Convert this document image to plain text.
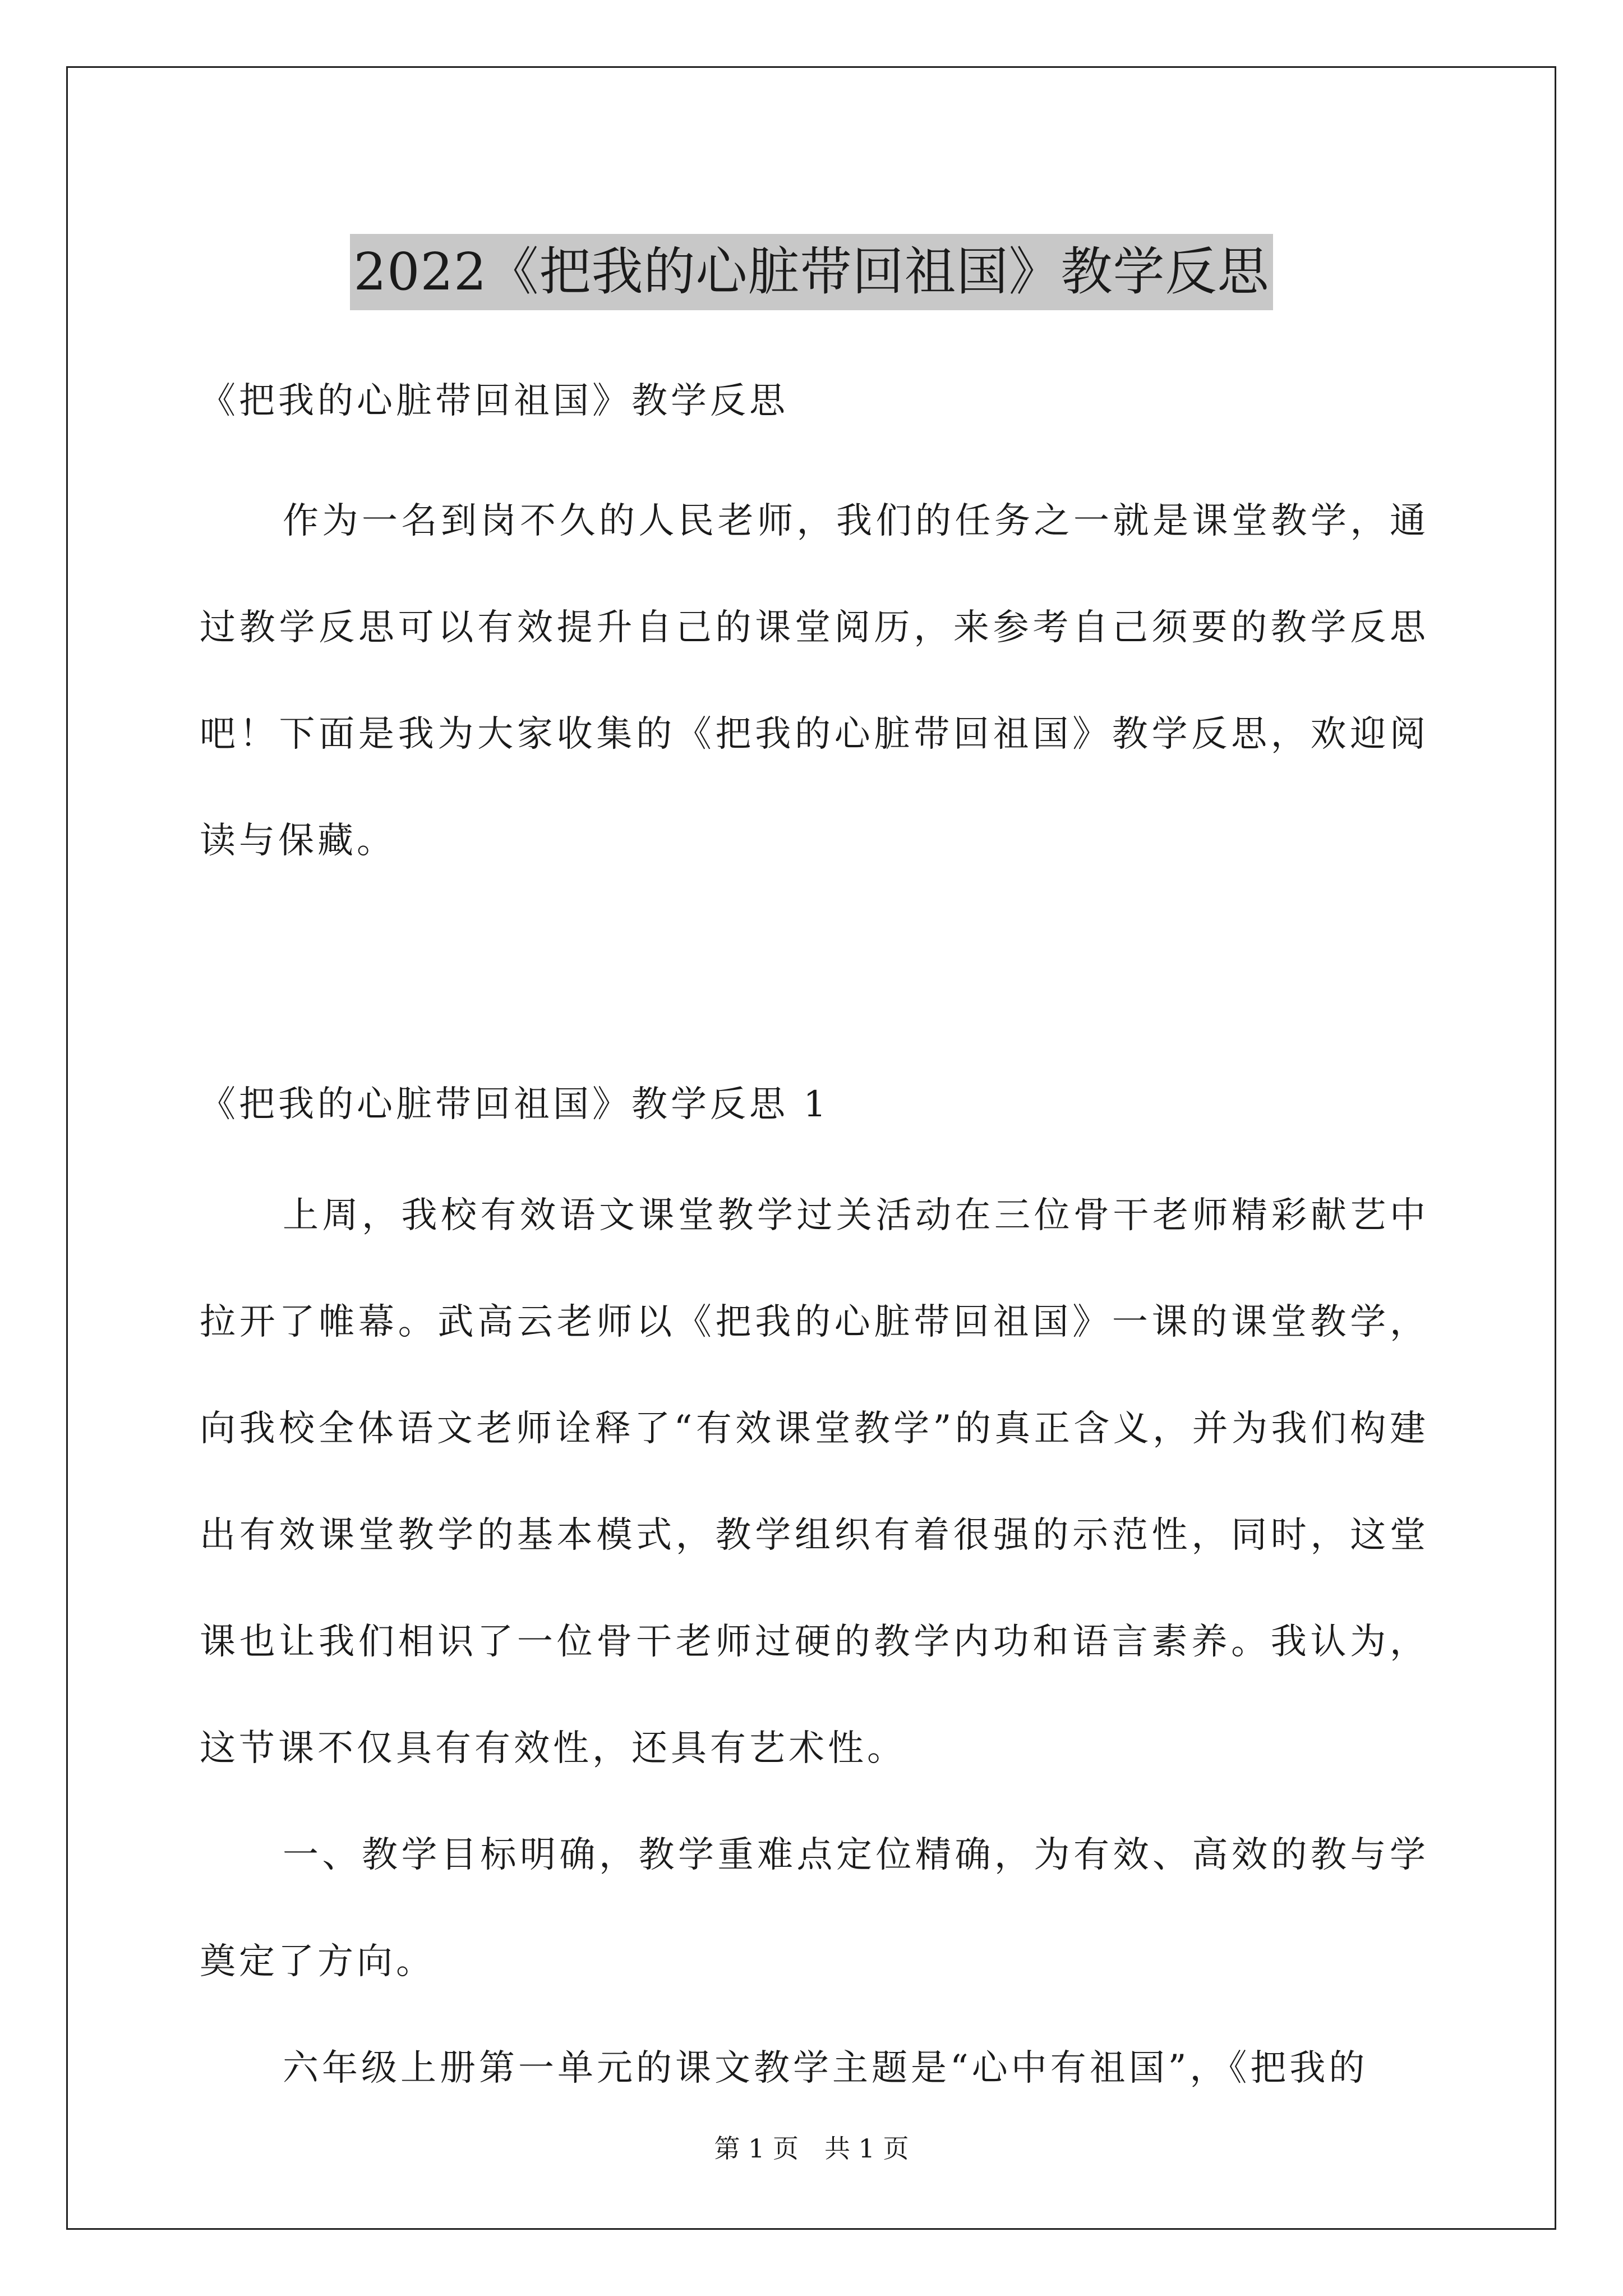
2022《把我的心脏带回祖国》教学反思

《把我的心脏带回祖国》教学反思

作为一名到岗不久的人民老师，我们的任务之一就是课堂教学，通过教学反思可以有效提升自己的课堂阅历，来参考自己须要的教学反思吧！下面是我为大家收集的《把我的心脏带回祖国》教学反思，欢迎阅读与保藏。

《把我的心脏带回祖国》教学反思 1

上周，我校有效语文课堂教学过关活动在三位骨干老师精彩献艺中拉开了帷幕。武高云老师以《把我的心脏带回祖国》一课的课堂教学，向我校全体语文老师诠释了“有效课堂教学”的真正含义，并为我们构建出有效课堂教学的基本模式，教学组织有着很强的示范性，同时，这堂课也让我们相识了一位骨干老师过硬的教学内功和语言素养。我认为，这节课不仅具有有效性，还具有艺术性。

一、教学目标明确，教学重难点定位精确，为有效、高效的教与学奠定了方向。

六年级上册第一单元的课文教学主题是“心中有祖国”，《把我的

第 1 页　共 1 页
